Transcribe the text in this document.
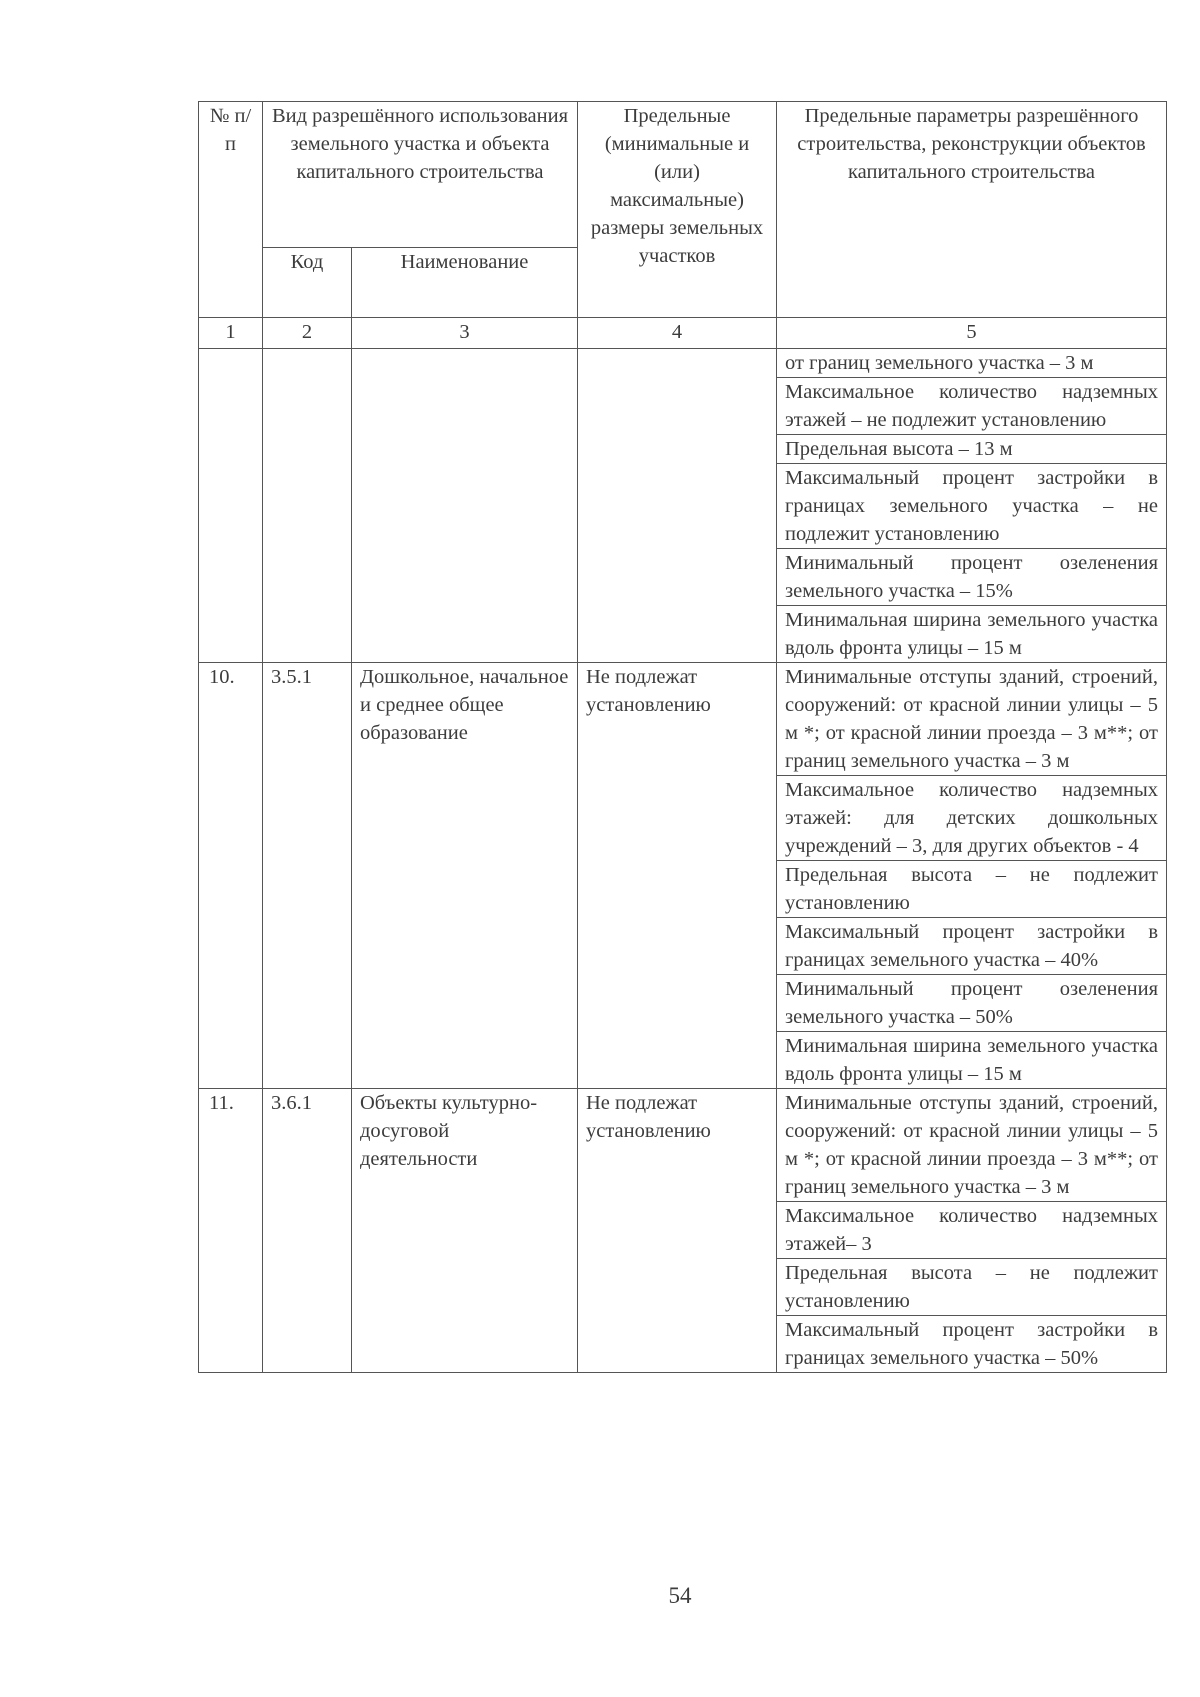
№ п/п	Вид разрешённого использования земельного участка и объекта капитального строительства		Предельные (минимальные и (или) максимальные) размеры земельных участков	Предельные параметры разрешённого строительства, реконструкции объектов капитального строительства
	Код	Наименование		
1	2	3	4	5
				от границ земельного участка – 3 м
				Максимальное количество надземных этажей – не подлежит установлению
				Предельная высота – 13 м
				Максимальный процент застройки в границах земельного участка – не подлежит установлению
				Минимальный процент озеленения земельного участка – 15%
				Минимальная ширина земельного участка вдоль фронта улицы – 15 м
10.	3.5.1	Дошкольное, начальное и среднее общее образование	Не подлежат установлению	Минимальные отступы зданий, строений, сооружений: от красной линии улицы – 5 м *; от красной линии проезда – 3 м**; от границ земельного участка – 3 м
				Максимальное количество надземных этажей: для детских дошкольных учреждений – 3, для других объектов - 4
				Предельная высота – не подлежит установлению
				Максимальный процент застройки в границах земельного участка – 40%
				Минимальный процент озеленения земельного участка – 50%
				Минимальная ширина земельного участка вдоль фронта улицы – 15 м
11.	3.6.1	Объекты культурно-досуговой деятельности	Не подлежат установлению	Минимальные отступы зданий, строений, сооружений: от красной линии улицы – 5 м *; от красной линии проезда – 3 м**; от границ земельного участка – 3 м
				Максимальное количество надземных этажей– 3
				Предельная высота – не подлежит установлению
				Максимальный процент застройки в границах земельного участка – 50%
54
